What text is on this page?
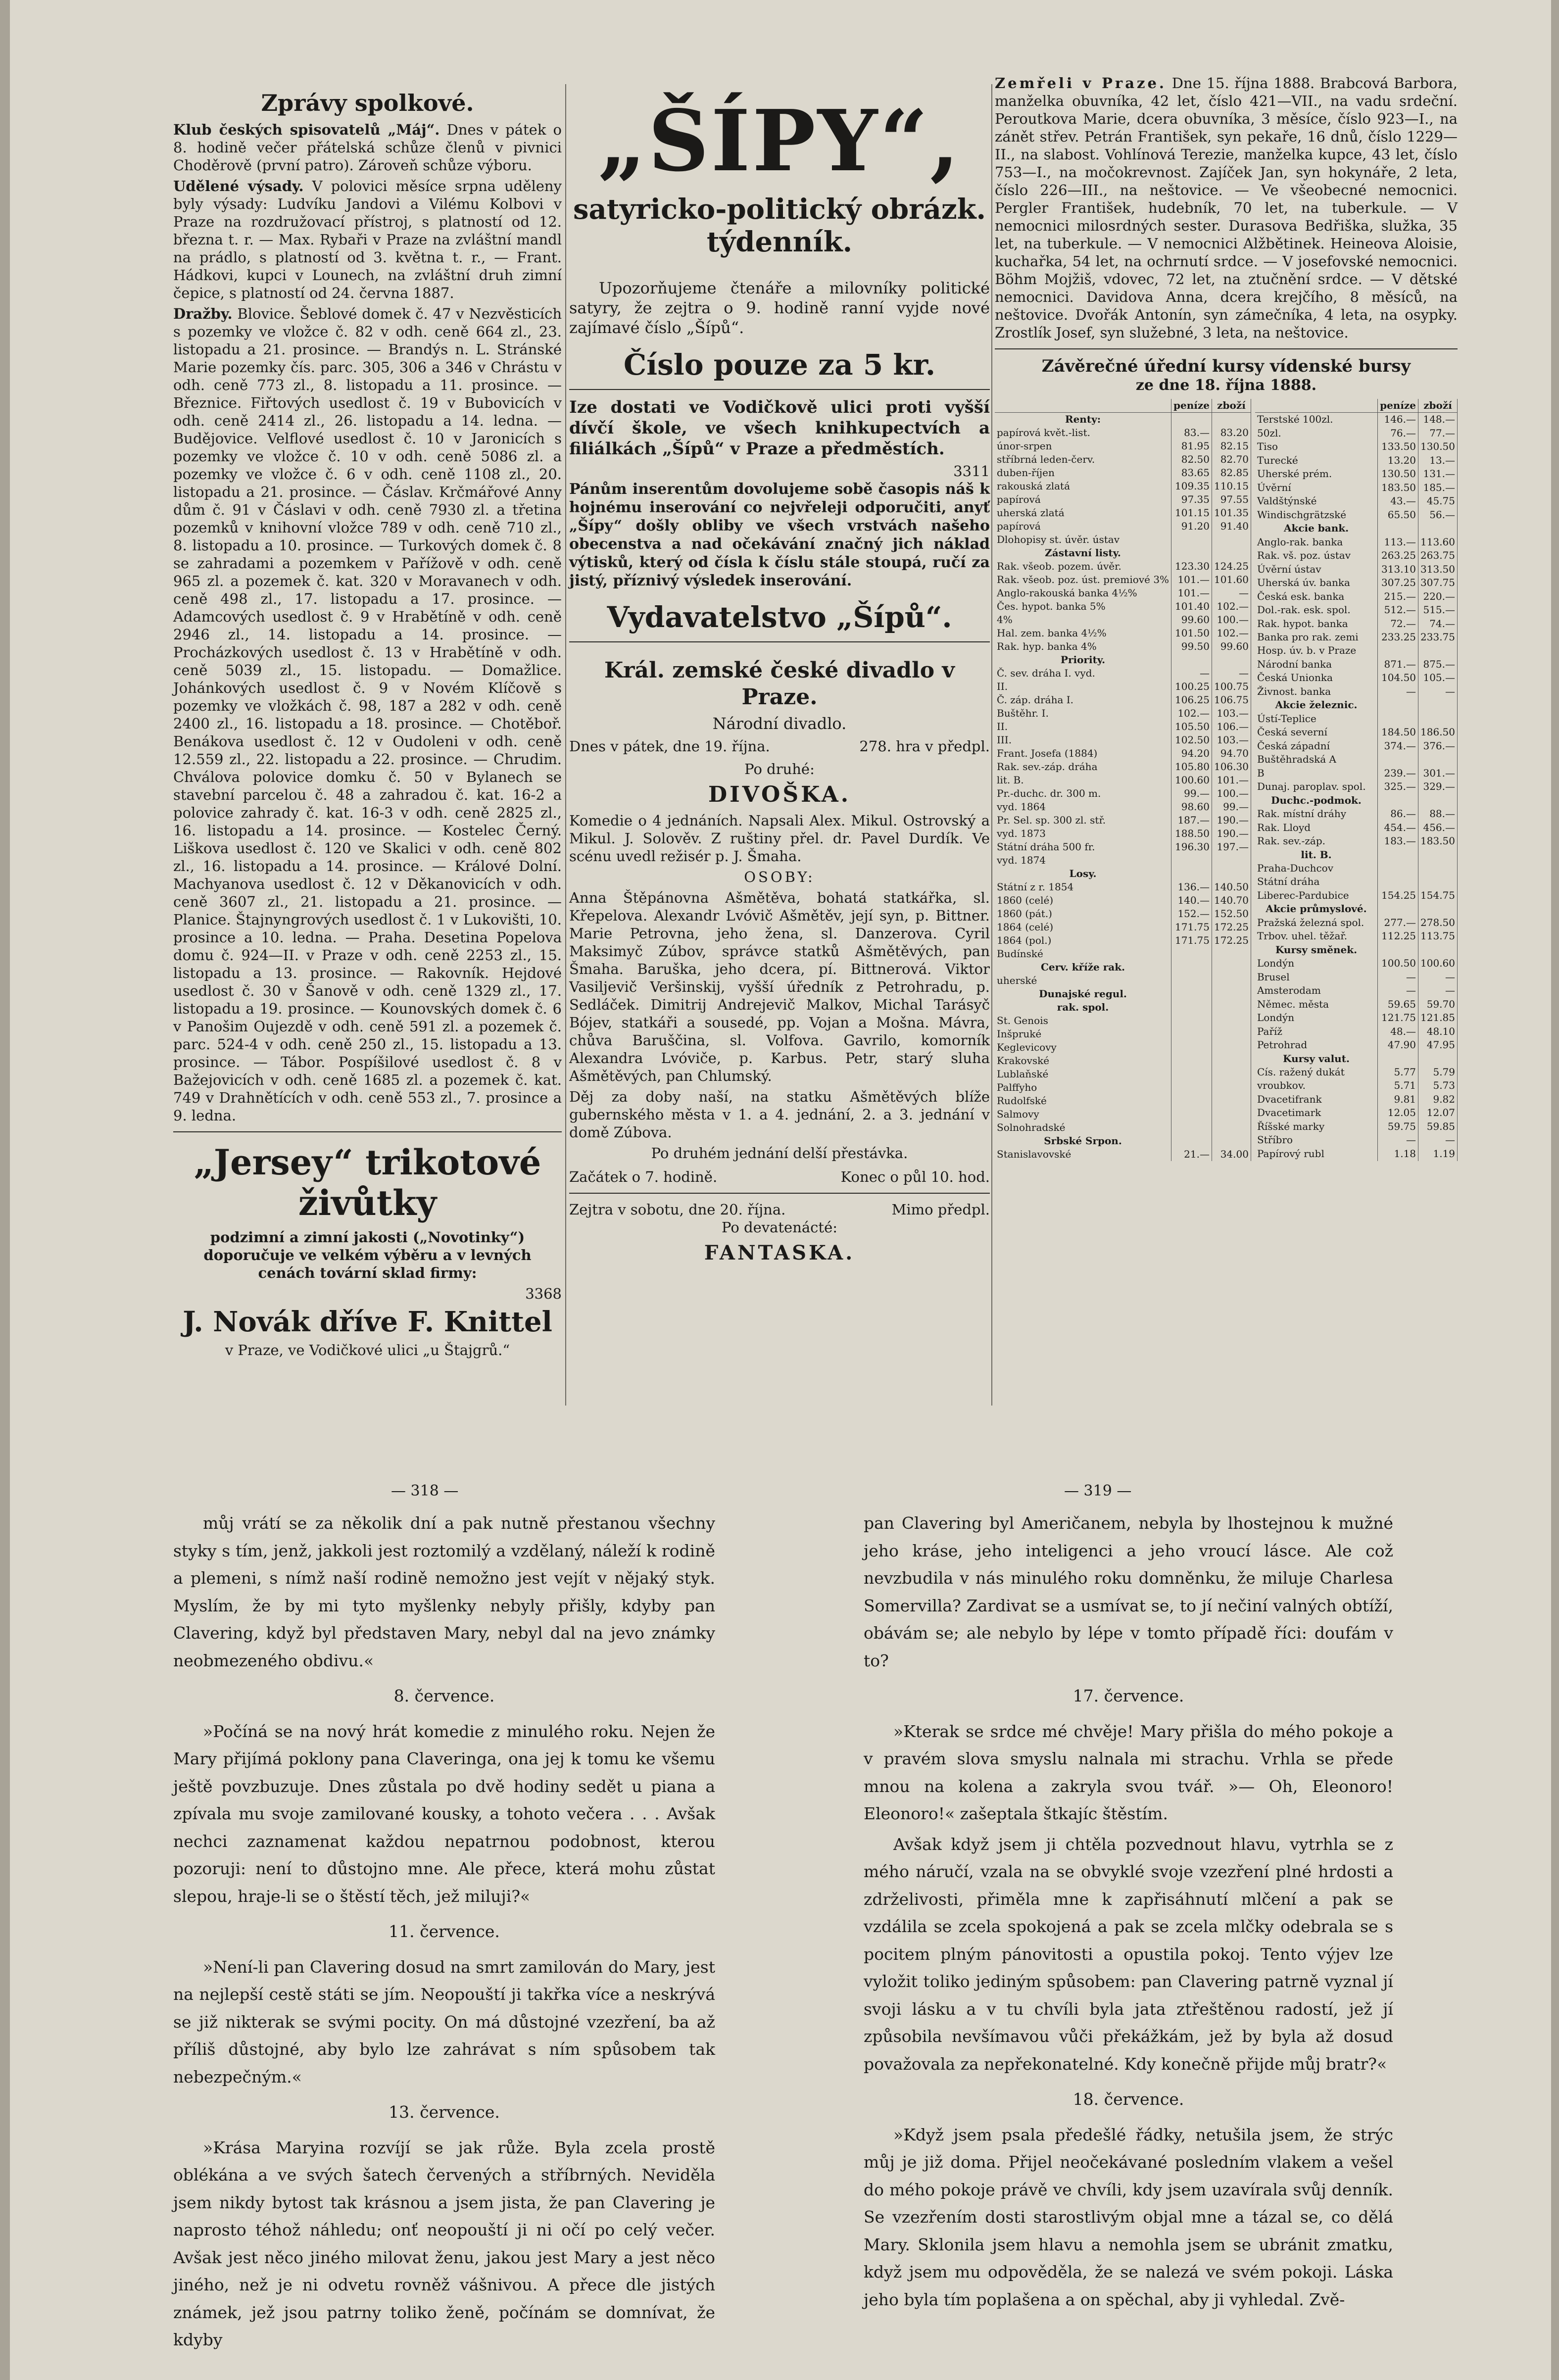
Zprávy spolkové.

Klub českých spisovatelů „Máj“. Dnes v pátek o 8. hodině večer přátelská schůze členů v pivnici Choděrově (první patro). Zároveň schůze výboru.

Udělené výsady. V polovici měsíce srpna uděleny byly výsady: Ludvíku Jandovi a Vilému Kolbovi v Praze na rozdružovací přístroj, s platností od 12. března t. r. — Max. Rybaři v Praze na zvláštní mandl na prádlo, s platností od 3. května t. r., — Frant. Hádkovi, kupci v Lounech, na zvláštní druh zimní čepice, s platností od 24. června 1887.

Dražby. Blovice. Šeblové domek č. 47 v Nezvěsticích s pozemky ve vložce č. 82 v odh. ceně 664 zl., 23. listopadu a 21. prosince. — Brandýs n. L. Stránské Marie pozemky čís. parc. 305, 306 a 346 v Chrástu v odh. ceně 773 zl., 8. listopadu a 11. prosince. — Březnice. Fiřtových usedlost č. 19 v Bubovicích v odh. ceně 2414 zl., 26. listopadu a 14. ledna. — Budějovice. Velflové usedlost č. 10 v Jaronicích s pozemky ve vložce č. 10 v odh. ceně 5086 zl. a pozemky ve vložce č. 6 v odh. ceně 1108 zl., 20. listopadu a 21. prosince. — Čáslav. Krčmářové Anny dům č. 91 v Čáslavi v odh. ceně 7930 zl. a třetina pozemků v knihovní vložce 789 v odh. ceně 710 zl., 8. listopadu a 10. prosince. — Turkových domek č. 8 se zahradami a pozemkem v Pařížově v odh. ceně 965 zl. a pozemek č. kat. 320 v Moravanech v odh. ceně 498 zl., 17. listopadu a 17. prosince. — Adamcových usedlost č. 9 v Hrabětíně v odh. ceně 2946 zl., 14. listopadu a 14. prosince. — Procházkových usedlost č. 13 v Hrabětíně v odh. ceně 5039 zl., 15. listopadu. — Domažlice. Johánkových usedlost č. 9 v Novém Klíčově s pozemky ve vložkách č. 98, 187 a 282 v odh. ceně 2400 zl., 16. listopadu a 18. prosince. — Chotěboř. Benákova usedlost č. 12 v Oudoleni v odh. ceně 12.559 zl., 22. listopadu a 22. prosince. — Chrudim. Chválova polovice domku č. 50 v Bylanech se stavební parcelou č. 48 a zahradou č. kat. 16-2 a polovice zahrady č. kat. 16-3 v odh. ceně 2825 zl., 16. listopadu a 14. prosince. — Kostelec Černý. Liškova usedlost č. 120 ve Skalici v odh. ceně 802 zl., 16. listopadu a 14. prosince. — Králové Dolní. Machyanova usedlost č. 12 v Děkanovicích v odh. ceně 3607 zl., 21. listopadu a 21. prosince. — Planice. Štajnyngrových usedlost č. 1 v Lukovišti, 10. prosince a 10. ledna. — Praha. Desetina Popelova domu č. 924—II. v Praze v odh. ceně 2253 zl., 15. listopadu a 13. prosince. — Rakovník. Hejdové usedlost č. 30 v Šanově v odh. ceně 1329 zl., 17. listopadu a 19. prosince. — Kounovských domek č. 6 v Panošim Oujezdě v odh. ceně 591 zl. a pozemek č. parc. 524-4 v odh. ceně 250 zl., 15. listopadu a 13. prosince. — Tábor. Pospíšilové usedlost č. 8 v Bažejovicích v odh. ceně 1685 zl. a pozemek č. kat. 749 v Drahnětících v odh. ceně 553 zl., 7. prosince a 9. ledna.

„Jersey“ trikotové živůtky

podzimní a zimní jakosti („Novotinky“) doporučuje ve velkém výběru a v levných cenách tovární sklad firmy:

3368
J. Novák dříve F. Knittel

v Praze, ve Vodičkové ulici „u Štajgrů.“

„ŠÍPY“,
satyricko-politický obrázk. týdenník.

Upozorňujeme čtenáře a milovníky politické satyry, že zejtra o 9. hodině ranní vyjde nové zajímavé číslo „Šípů“.

Číslo pouze za 5 kr.

Ize dostati ve Vodičkově ulici proti vyšší dívčí škole, ve všech knihkupectvích a filiálkách „Šípů“ v Praze a předměstích.

3311

Pánům inserentům dovolujeme sobě časopis náš k hojnému inserování co nejvřeleji odporučiti, anyť „Šípy“ došly obliby ve všech vrstvách našeho obecenstva a nad očekávání značný jich náklad výtisků, který od čísla k číslu stále stoupá, ručí za jistý, příznivý výsledek inserování.

Vydavatelstvo „Šípů“.
Král. zemské české divadlo v Praze.

Národní divadlo.

Dnes v pátek, dne 19. října.	278. hra v předpl.

Po druhé:

DIVOŠKA.

Komedie o 4 jednáních. Napsali Alex. Mikul. Ostrovský a Mikul. J. Solověv. Z ruštiny přel. dr. Pavel Durdík. Ve scénu uvedl režisér p. J. Šmaha.

OSOBY:

Anna Štěpánovna Ašmětěva, bohatá statkářka, sl. Křepelova. Alexandr Lvóvič Ašmětěv, její syn, p. Bittner. Marie Petrovna, jeho žena, sl. Danzerova. Cyril Maksimyč Zúbov, správce statků Ašmětěvých, pan Šmaha. Baruška, jeho dcera, pí. Bittnerová. Viktor Vasiljevič Veršinskij, vyšší úředník z Petrohradu, p. Sedláček. Dimitrij Andrejevič Malkov, Michal Tarásyč Bójev, statkáři a sousedé, pp. Vojan a Mošna. Mávra, chůva Baruščina, sl. Volfova. Gavrilo, komorník Alexandra Lvóviče, p. Karbus. Petr, starý sluha Ašmětěvých, pan Chlumský.

Děj za doby naší, na statku Ašmětěvých blíže gubernského města v 1. a 4. jednání, 2. a 3. jednání v domě Zúbova.

Po druhém jednání delší přestávka.

Začátek o 7. hodině.	Konec o půl 10. hod.
Zejtra v sobotu, dne 20. října.	Mimo předpl.

Po devatenácté:

FANTASKA.

Zemřeli v Praze. Dne 15. října 1888. Brabcová Barbora, manželka obuvníka, 42 let, číslo 421—VII., na vadu srdeční. Peroutkova Marie, dcera obuvníka, 3 měsíce, číslo 923—I., na zánět střev. Petrán František, syn pekaře, 16 dnů, číslo 1229—II., na slabost. Vohlínová Terezie, manželka kupce, 43 let, číslo 753—I., na močokrevnost. Zajíček Jan, syn hokynáře, 2 leta, číslo 226—III., na neštovice. — Ve všeobecné nemocnici. Pergler František, hudebník, 70 let, na tuberkule. — V nemocnici milosrdných sester. Durasova Bedřiška, služka, 35 let, na tuberkule. — V nemocnici Alžbětinek. Heineova Aloisie, kuchařka, 54 let, na ochrnutí srdce. — V josefovské nemocnici. Böhm Mojžiš, vdovec, 72 let, na ztučnění srdce. — V dětské nemocnici. Davidova Anna, dcera krejčího, 8 měsíců, na neštovice. Dvořák Antonín, syn zámečníka, 4 leta, na osypky. Zrostlík Josef, syn služebné, 3 leta, na neštovice.

Závěrečné úřední kursy vídenské bursy
ze dne 18. října 1888.
	peníze	zboží
Renty:		
papírová květ.-list.	83.—	83.20
únor-srpen	81.95	82.15
stříbrná leden-červ.	82.50	82.70
duben-říjen	83.65	82.85
rakouská zlatá	109.35	110.15
papírová	97.35	97.55
uherská zlatá	101.15	101.35
papírová	91.20	91.40
Dlohopisy st. úvěr. ústav		
Zástavní listy.		
Rak. všeob. pozem. úvěr.	123.30	124.25
Rak. všeob. poz. úst. premiové 3%	101.—	101.60
Anglo-rakouská banka 4½%	101.—	—
Čes. hypot. banka 5%	101.40	102.—
4%	99.60	100.—
Hal. zem. banka 4½%	101.50	102.—
Rak. hyp. banka 4%	99.50	99.60
Priority.		
Č. sev. dráha I. vyd.	—	—
II.	100.25	100.75
Č. záp. dráha I.	106.25	106.75
Buštěhr. I.	102.—	103.—
II.	105.50	106.—
III.	102.50	103.—
Frant. Josefa (1884)	94.20	94.70
Rak. sev.-záp. dráha	105.80	106.30
lit. B.	100.60	101.—
Pr.-duchc. dr. 300 m.	99.—	100.—
vyd. 1864	98.60	99.—
Pr. Sel. sp. 300 zl. stř.	187.—	190.—
vyd. 1873	188.50	190.—
Státní dráha 500 fr.	196.30	197.—
vyd. 1874		
Losy.		
Státní z r. 1854	136.—	140.50
1860 (celé)	140.—	140.70
1860 (pát.)	152.—	152.50
1864 (celé)	171.75	172.25
1864 (pol.)	171.75	172.25
Budínské		
Cerv. kříže rak.		
uherské		
Dunajské regul.		
rak. spol.		
St. Genois		
Inšpruké		
Keglevicovy		
Krakovské		
Lublaňské		
Palffyho		
Rudolfské		
Salmovy		
Solnohradské		
Srbské Srpon.		
Stanislavovské	21.—	34.00
	peníze	zboží
Terstské 100zl.	146.—	148.—
50zl.	76.—	77.—
Tiso	133.50	130.50
Turecké	13.20	13.—
Uherské prém.	130.50	131.—
Úvěrní	183.50	185.—
Valdštýnské	43.—	45.75
Windischgrätzské	65.50	56.—
Akcie bank.		
Anglo-rak. banka	113.—	113.60
Rak. vš. poz. ústav	263.25	263.75
Úvěrní ústav	313.10	313.50
Uherská úv. banka	307.25	307.75
Česká esk. banka	215.—	220.—
Dol.-rak. esk. spol.	512.—	515.—
Rak. hypot. banka	72.—	74.—
Banka pro rak. zemi	233.25	233.75
Hosp. úv. b. v Praze		
Národní banka	871.—	875.—
Česká Unionka	104.50	105.—
Živnost. banka	—	—
Akcie železnic.		
Ústí-Teplice		
Česká severní	184.50	186.50
Česká západní	374.—	376.—
Buštěhradská A		
B	239.—	301.—
Dunaj. paroplav. spol.	325.—	329.—
Duchc.-podmok.		
Rak. místní dráhy	86.—	88.—
Rak. Lloyd	454.—	456.—
Rak. sev.-záp.	183.—	183.50
lit. B.		
Praha-Duchcov		
Státní dráha		
Liberec-Pardubice	154.25	154.75
Akcie průmyslové.		
Pražská železná spol.	277.—	278.50
Trbov. uhel. těžař.	112.25	113.75
Kursy směnek.		
Londýn	100.50	100.60
Brusel	—	—
Amsterodam	—	—
Němec. města	59.65	59.70
Londýn	121.75	121.85
Paříž	48.—	48.10
Petrohrad	47.90	47.95
Kursy valut.		
Cís. ražený dukát	5.77	5.79
vroubkov.	5.71	5.73
Dvacetifrank	9.81	9.82
Dvacetimark	12.05	12.07
Říšské marky	59.75	59.85
Stříbro	—	—
Papírový rubl	1.18	1.19
— 318 —	— 319 —

můj vrátí se za několik dní a pak nutně přestanou všechny styky s tím, jenž, jakkoli jest roztomilý a vzdělaný, náleží k rodině a plemeni, s nímž naší rodině nemožno jest vejít v nějaký styk. Myslím, že by mi tyto myšlenky nebyly přišly, kdyby pan Clavering, když byl představen Mary, nebyl dal na jevo známky neobmezeného obdivu.«

8. července.

»Počíná se na nový hrát komedie z minulého roku. Nejen že Mary přijímá poklony pana Claveringa, ona jej k tomu ke všemu ještě povzbuzuje. Dnes zůstala po dvě hodiny sedět u piana a zpívala mu svoje zamilované kousky, a tohoto večera . . . Avšak nechci zaznamenat každou nepatrnou podobnost, kterou pozoruji: není to důstojno mne. Ale přece, která mohu zůstat slepou, hraje-li se o štěstí těch, jež miluji?«

11. července.

»Není-li pan Clavering dosud na smrt zamilován do Mary, jest na nejlepší cestě státi se jím. Neopouští ji takřka více a neskrývá se již nikterak se svými pocity. On má důstojné vzezření, ba až příliš důstojné, aby bylo lze zahrávat s ním spůsobem tak nebezpečným.«

13. července.

»Krása Maryina rozvíjí se jak růže. Byla zcela prostě oblékána a ve svých šatech červených a stříbrných. Neviděla jsem nikdy bytost tak krásnou a jsem jista, že pan Clavering je naprosto téhož náhledu; onť neopouští ji ni očí po celý večer. Avšak jest něco jiného milovat ženu, jakou jest Mary a jest něco jiného, než je ni odvetu rovněž vášnivou. A přece dle jistých známek, jež jsou patrny toliko ženě, počínám se domnívat, že kdyby

pan Clavering byl Američanem, nebyla by lhostejnou k mužné jeho kráse, jeho inteligenci a jeho vroucí lásce. Ale což nevzbudila v nás minulého roku domněnku, že miluje Charlesa Somervilla? Zardivat se a usmívat se, to jí nečiní valných obtíží, obávám se; ale nebylo by lépe v tomto případě říci: doufám v to?

17. července.

»Kterak se srdce mé chvěje! Mary přišla do mého pokoje a v pravém slova smyslu nalnala mi strachu. Vrhla se přede mnou na kolena a zakryla svou tvář. »— Oh, Eleonoro! Eleonoro!« zašeptala štkajíc štěstím.

Avšak když jsem ji chtěla pozvednout hlavu, vytrhla se z mého náručí, vzala na se obvyklé svoje vzezření plné hrdosti a zdrželivosti, přiměla mne k zapřisáhnutí mlčení a pak se vzdálila se zcela spokojená a pak se zcela mlčky odebrala se s pocitem plným pánovitosti a opustila pokoj. Tento výjev lze vyložit toliko jediným spůsobem: pan Clavering patrně vyznal jí svoji lásku a v tu chvíli byla jata ztřeštěnou radostí, jež jí způsobila nevšímavou vůči překážkám, jež by byla až dosud považovala za nepřekonatelné. Kdy konečně přijde můj bratr?«

18. července.

»Když jsem psala předešlé řádky, netušila jsem, že strýc můj je již doma. Přijel neočekávané posledním vlakem a vešel do mého pokoje právě ve chvíli, kdy jsem uzavírala svůj denník. Se vzezřením dosti starostlivým objal mne a tázal se, co dělá Mary. Sklonila jsem hlavu a nemohla jsem se ubránit zmatku, když jsem mu odpověděla, že se nalezá ve svém pokoji. Láska jeho byla tím poplašena a on spěchal, aby ji vyhledal. Zvě-
